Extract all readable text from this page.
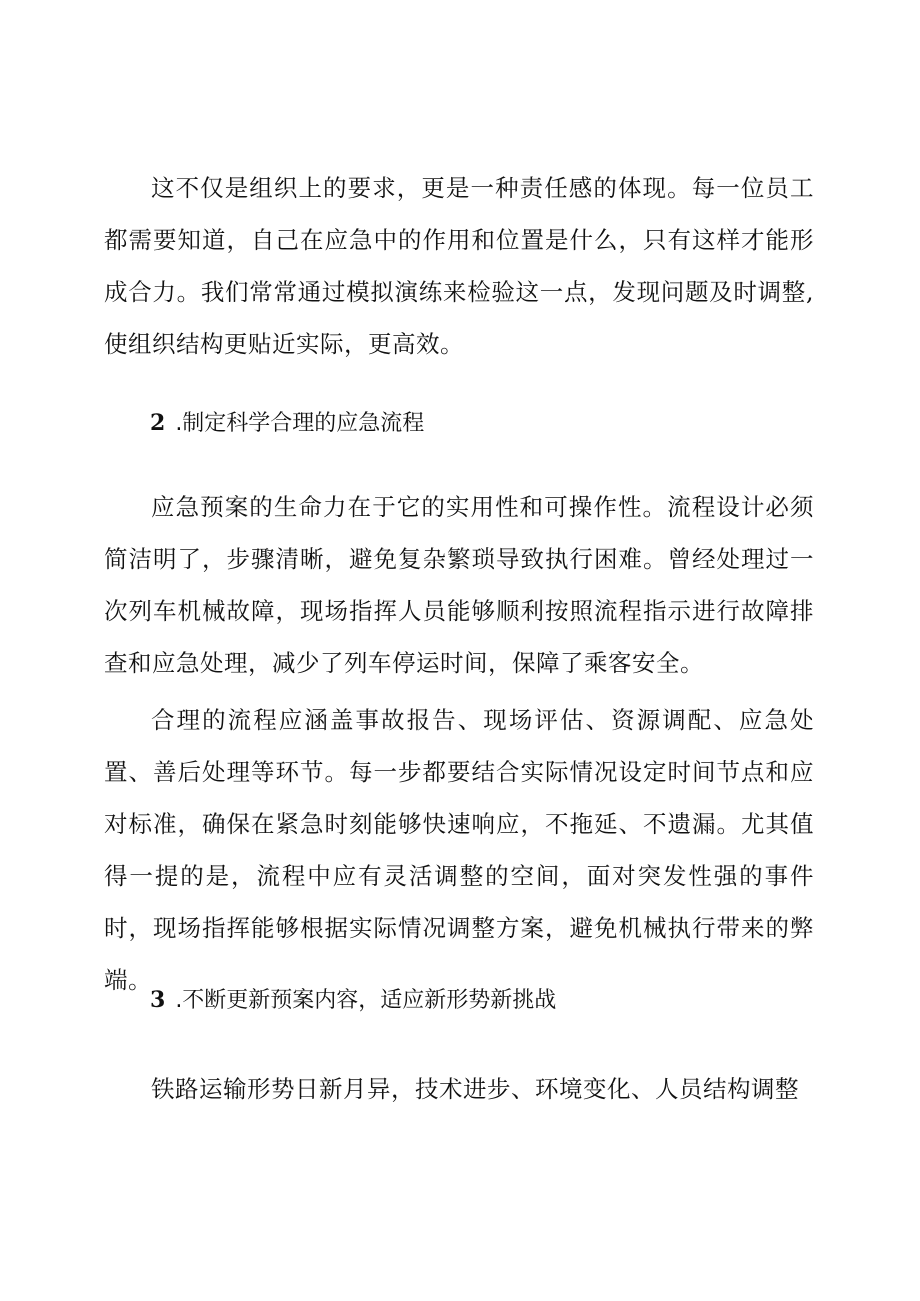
这不仅是组织上的要求，更是一种责任感的体现。每一位员工都需要知道，自己在应急中的作用和位置是什么，只有这样才能形成合力。我们常常通过模拟演练来检验这一点，发现问题及时调整,使组织结构更贴近实际，更高效。

2 .制定科学合理的应急流程

应急预案的生命力在于它的实用性和可操作性。流程设计必须简洁明了，步骤清晰，避免复杂繁琐导致执行困难。曾经处理过一次列车机械故障，现场指挥人员能够顺利按照流程指示进行故障排查和应急处理，减少了列车停运时间，保障了乘客安全。

合理的流程应涵盖事故报告、现场评估、资源调配、应急处置、善后处理等环节。每一步都要结合实际情况设定时间节点和应对标准，确保在紧急时刻能够快速响应，不拖延、不遗漏。尤其值得一提的是，流程中应有灵活调整的空间，面对突发性强的事件时，现场指挥能够根据实际情况调整方案，避免机械执行带来的弊端。

3 .不断更新预案内容，适应新形势新挑战

铁路运输形势日新月异，技术进步、环境变化、人员结构调整
